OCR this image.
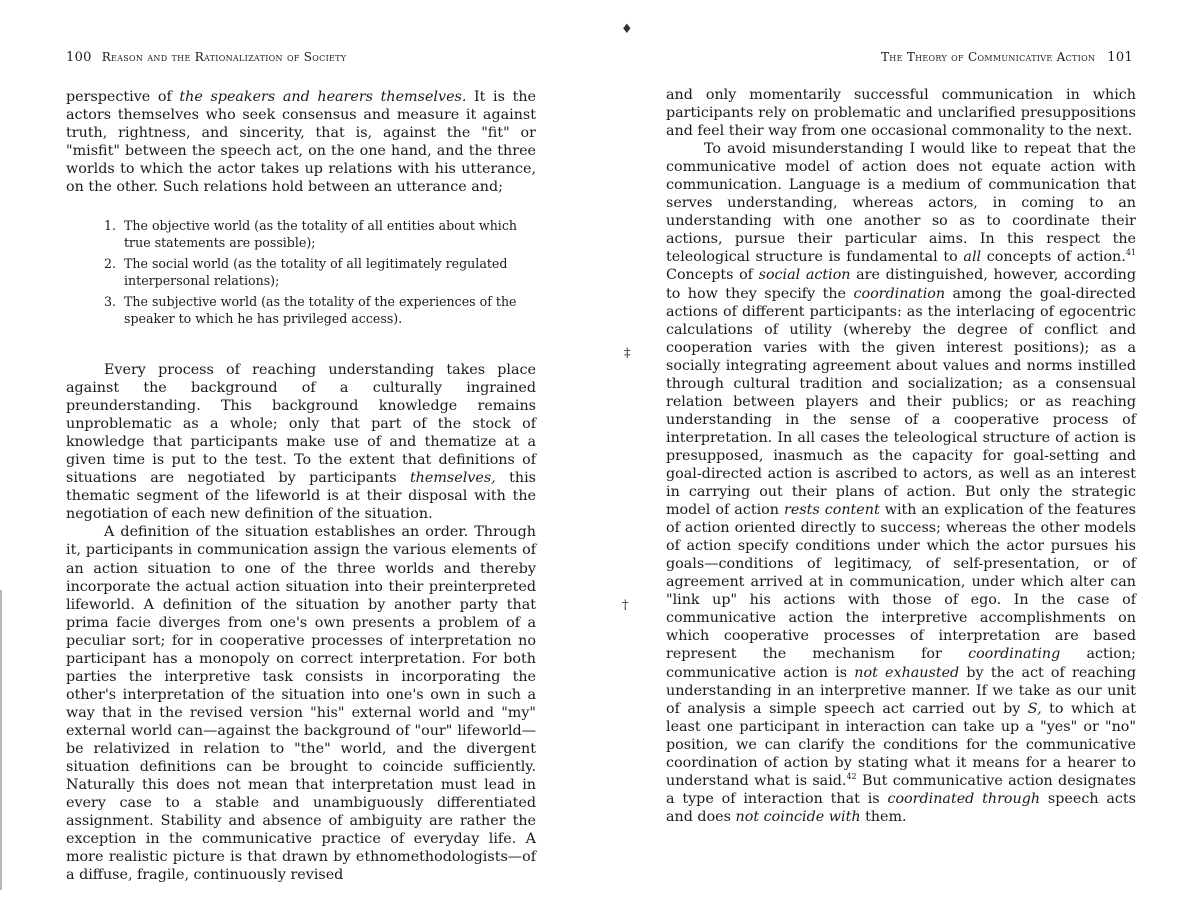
♦
‡
†
100 Reason and the Rationalization of Society

perspective of the speakers and hearers themselves. It is the actors themselves who seek consensus and measure it against truth, rightness, and sincerity, that is, against the "fit" or "misfit" between the speech act, on the one hand, and the three worlds to which the actor takes up relations with his utterance, on the other. Such relations hold between an utterance and;

1. The objective world (as the totality of all entities about which true statements are possible);
2. The social world (as the totality of all legitimately regulated interpersonal relations);
3. The subjective world (as the totality of the experiences of the speaker to which he has privileged access).

Every process of reaching understanding takes place against the background of a culturally ingrained preunderstanding. This background knowledge remains unproblematic as a whole; only that part of the stock of knowledge that participants make use of and thematize at a given time is put to the test. To the extent that definitions of situations are negotiated by participants themselves, this thematic segment of the lifeworld is at their disposal with the negotiation of each new definition of the situation.

A definition of the situation establishes an order. Through it, participants in communication assign the various elements of an action situation to one of the three worlds and thereby incorporate the actual action situation into their preinterpreted lifeworld. A definition of the situation by another party that prima facie diverges from one's own presents a problem of a peculiar sort; for in cooperative processes of interpretation no participant has a monopoly on correct interpretation. For both parties the interpretive task consists in incorporating the other's interpretation of the situation into one's own in such a way that in the revised version "his" external world and "my" external world can—against the background of "our" lifeworld—be relativized in relation to "the" world, and the divergent situation definitions can be brought to coincide sufficiently. Naturally this does not mean that interpretation must lead in every case to a stable and unambiguously differentiated assignment. Stability and absence of ambiguity are rather the exception in the communicative practice of everyday life. A more realistic picture is that drawn by ethnomethodologists—of a diffuse, fragile, continuously revised

The Theory of Communicative Action 101

and only momentarily successful communication in which participants rely on problematic and unclarified presuppositions and feel their way from one occasional commonality to the next.

To avoid misunderstanding I would like to repeat that the communicative model of action does not equate action with communication. Language is a medium of communication that serves understanding, whereas actors, in coming to an understanding with one another so as to coordinate their actions, pursue their particular aims. In this respect the teleological structure is fundamental to all concepts of action.$^{41}$ Concepts of social action are distinguished, however, according to how they specify the coordination among the goal-directed actions of different participants: as the interlacing of egocentric calculations of utility (whereby the degree of conflict and cooperation varies with the given interest positions); as a socially integrating agreement about values and norms instilled through cultural tradition and socialization; as a consensual relation between players and their publics; or as reaching understanding in the sense of a cooperative process of interpretation. In all cases the teleological structure of action is presupposed, inasmuch as the capacity for goal-setting and goal-directed action is ascribed to actors, as well as an interest in carrying out their plans of action. But only the strategic model of action rests content with an explication of the features of action oriented directly to success; whereas the other models of action specify conditions under which the actor pursues his goals—conditions of legitimacy, of self-presentation, or of agreement arrived at in communication, under which alter can "link up" his actions with those of ego. In the case of communicative action the interpretive accomplishments on which cooperative processes of interpretation are based represent the mechanism for coordinating action; communicative action is not exhausted by the act of reaching understanding in an interpretive manner. If we take as our unit of analysis a simple speech act carried out by S, to which at least one participant in interaction can take up a "yes" or "no" position, we can clarify the conditions for the communicative coordination of action by stating what it means for a hearer to understand what is said.$^{42}$ But communicative action designates a type of interaction that is coordinated through speech acts and does not coincide with them.
